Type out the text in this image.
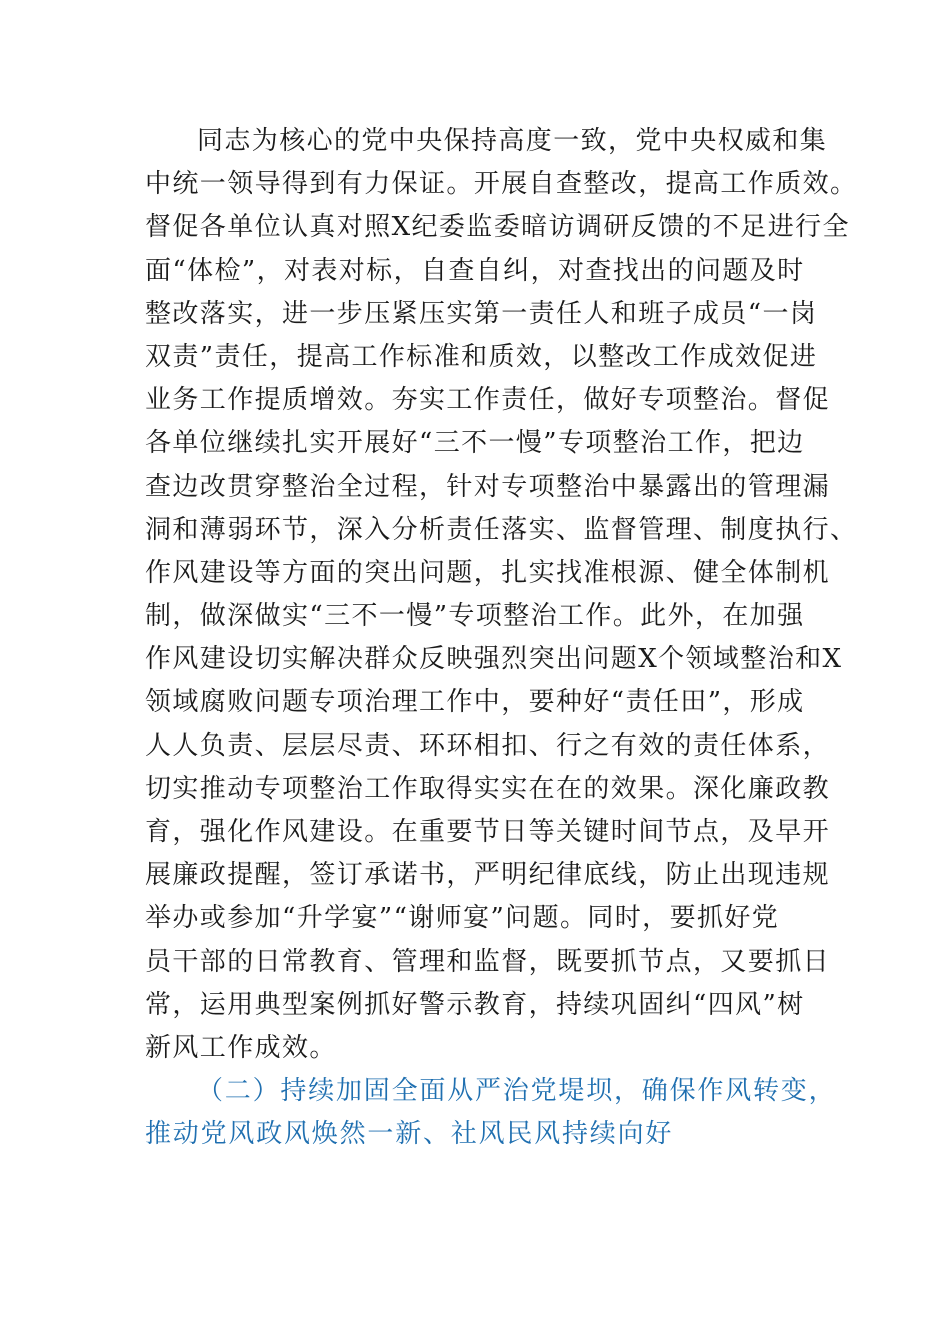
同志为核心的党中央保持高度一致，党中央权威和集
中统一领导得到有力保证。开展自查整改，提高工作质效。
督促各单位认真对照X纪委监委暗访调研反馈的不足进行全
面“体检”，对表对标，自查自纠，对查找出的问题及时
整改落实，进一步压紧压实第一责任人和班子成员“一岗
双责”责任，提高工作标准和质效，以整改工作成效促进
业务工作提质增效。夯实工作责任，做好专项整治。督促
各单位继续扎实开展好“三不一慢”专项整治工作，把边
查边改贯穿整治全过程，针对专项整治中暴露出的管理漏
洞和薄弱环节，深入分析责任落实、监督管理、制度执行、
作风建设等方面的突出问题，扎实找准根源、健全体制机
制，做深做实“三不一慢”专项整治工作。此外，在加强
作风建设切实解决群众反映强烈突出问题X个领域整治和X
领域腐败问题专项治理工作中，要种好“责任田”，形成
人人负责、层层尽责、环环相扣、行之有效的责任体系，
切实推动专项整治工作取得实实在在的效果。深化廉政教
育，强化作风建设。在重要节日等关键时间节点，及早开
展廉政提醒，签订承诺书，严明纪律底线，防止出现违规
举办或参加“升学宴”“谢师宴”问题。同时，要抓好党
员干部的日常教育、管理和监督，既要抓节点，又要抓日
常，运用典型案例抓好警示教育，持续巩固纠“四风”树
新风工作成效。
（二）持续加固全面从严治党堤坝，确保作风转变，
推动党风政风焕然一新、社风民风持续向好
